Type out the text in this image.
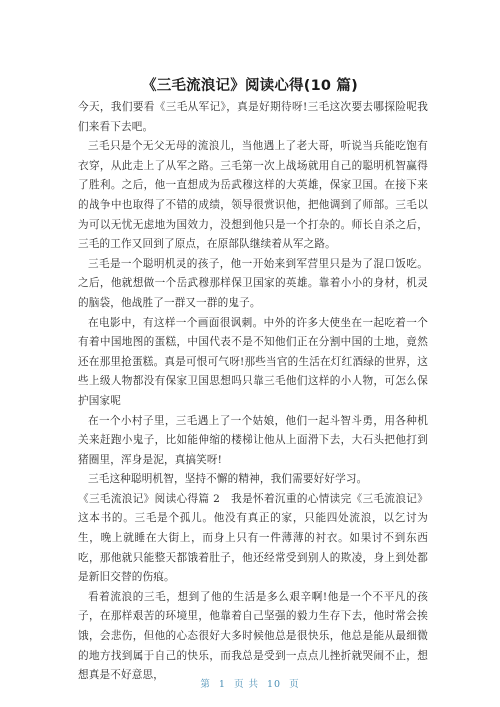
《三毛流浪记》阅读心得(10 篇)

今天，我们要看《三毛从军记》，真是好期待呀!三毛这次要去哪探险呢我们来看下去吧。

三毛只是个无父无母的流浪儿，当他遇上了老大哥，听说当兵能吃饱有衣穿，从此走上了从军之路。三毛第一次上战场就用自己的聪明机智赢得了胜利。之后，他一直想成为岳武穆这样的大英雄，保家卫国。在接下来的战争中也取得了不错的成绩，领导很赏识他，把他调到了师部。三毛以为可以无忧无虑地为国效力，没想到他只是一个打杂的。师长自杀之后，三毛的工作又回到了原点，在原部队继续着从军之路。

三毛是一个聪明机灵的孩子，他一开始来到军营里只是为了混口饭吃。之后，他就想做一个岳武穆那样保卫国家的英雄。靠着小小的身材，机灵的脑袋，他战胜了一群又一群的鬼子。

在电影中，有这样一个画面很讽刺。中外的许多大使坐在一起吃着一个有着中国地图的蛋糕，中国代表不是不知他们正在分割中国的土地，竟然还在那里抢蛋糕。真是可恨可气呀!那些当官的生活在灯红酒绿的世界，这些上级人物都没有保家卫国思想吗只靠三毛他们这样的小人物，可怎么保护国家呢

在一个小村子里，三毛遇上了一个姑娘，他们一起斗智斗勇，用各种机关来赶跑小鬼子，比如能伸缩的楼梯让他从上面滑下去，大石头把他打到猪圈里，浑身是泥，真搞笑呀!

三毛这种聪明机智，坚持不懈的精神，我们需要好好学习。

《三毛流浪记》阅读心得篇 2　我是怀着沉重的心情读完《三毛流浪记》这本书的。三毛是个孤儿。他没有真正的家，只能四处流浪，以乞讨为生，晚上就睡在大街上，而身上只有一件薄薄的衬衣。如果讨不到东西吃，那他就只能整天都饿着肚子，他还经常受到别人的欺凌，身上到处都是新旧交替的伤痕。

看着流浪的三毛，想到了他的生活是多么艰辛啊!他是一个不平凡的孩子，在那样艰苦的环境里，他靠着自己坚强的毅力生存下去，他时常会挨饿，会悲伤，但他的心态很好大多时候他总是很快乐，他总是能从最细微的地方找到属于自己的快乐，而我总是受到一点点儿挫折就哭闹不止，想想真是不好意思，

第 1 页 共 10 页
